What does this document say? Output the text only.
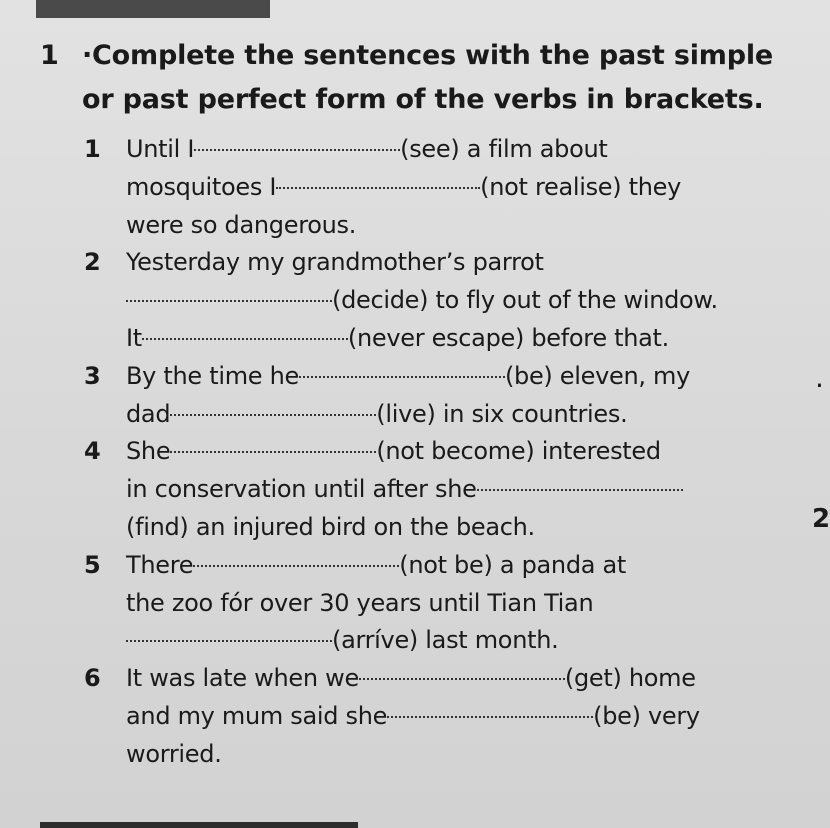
1 ·Complete the sentences with the past simple or past perfect form of the verbs in brackets.
1 Until I	(see) a film about
mosquitoes I	(not realise) they
were so dangerous.
2 Yesterday my grandmother’s parrot
(decide) to fly out of the window.
It	(never escape) before that.
3 By the time he	(be) eleven, my
dad	(live) in six countries.
4 She	(not become) interested
in conservation until after she
(find) an injured bird on the beach.
5 There	(not be) a panda at
the zoo fór over 30 years until Tian Tian
(arríve) last month.
6 It was late when we	(get) home
and my mum said she	(be) very
worried.
.
2
